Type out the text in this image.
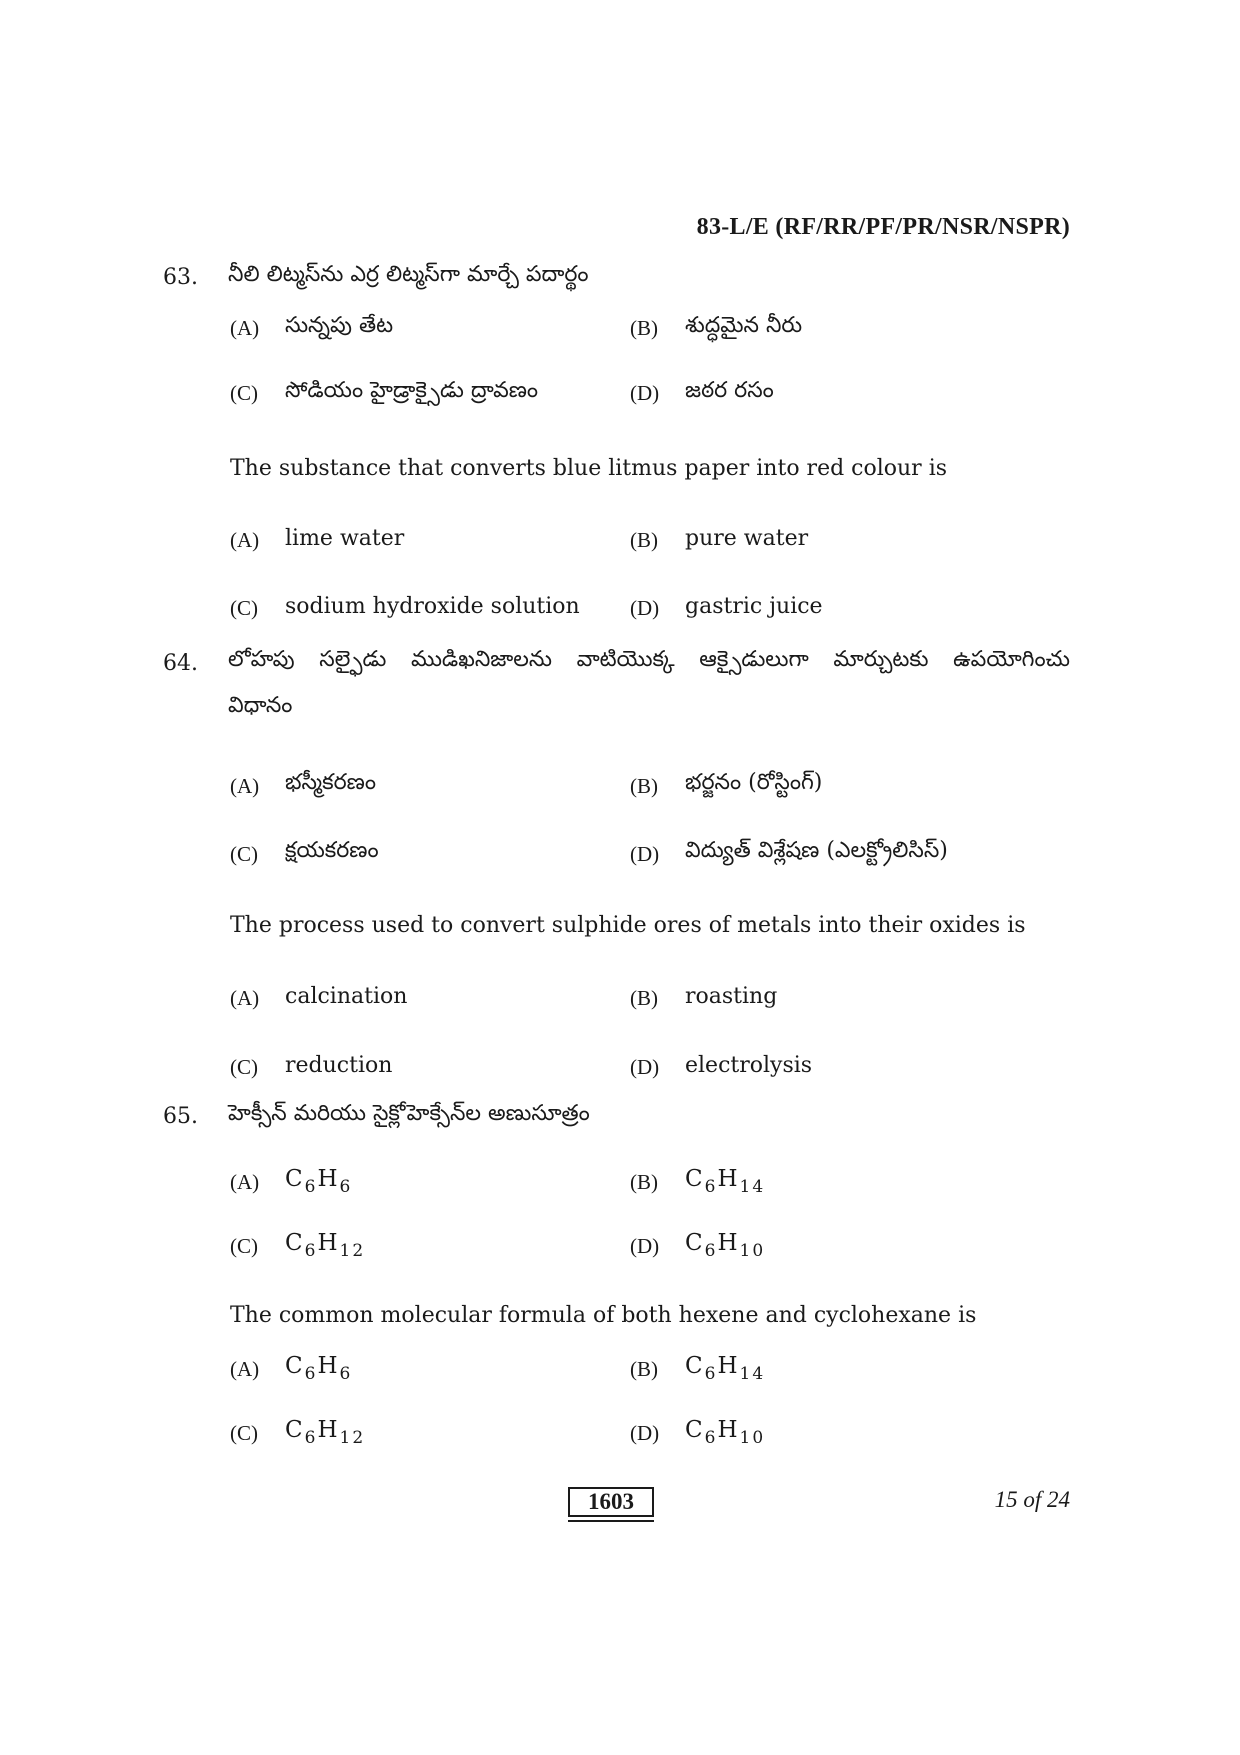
83-L/E (RF/RR/PF/PR/NSR/NSPR)
63. నీలి లిట్మస్‌ను ఎర్ర లిట్మస్‌గా మార్చే పదార్థం
(A) సున్నపు తేట	(B) శుద్ధమైన నీరు
(C) సోడియం హైడ్రాక్సైడు ద్రావణం	(D) జఠర రసం
The substance that converts blue litmus paper into red colour is
(A) lime water	(B) pure water
(C) sodium hydroxide solution (D) gastric juice
64. లోహపు సల్ఫైడు ముడిఖనిజాలను వాటియొక్క ఆక్సైడులుగా మార్చుటకు ఉపయోగించు
విధానం
(A) భస్మీకరణం	(B) భర్జనం (రోస్టింగ్)
(C) క్షయకరణం	(D) విద్యుత్ విశ్లేషణ (ఎలక్ట్రోలిసిస్)
The process used to convert sulphide ores of metals into their oxides is
(A) calcination	(B) roasting
(C) reduction	(D) electrolysis
65. హెక్సీన్ మరియు సైక్లోహెక్సేన్‌ల అణుసూత్రం
(A) $C_6H_6$	(B) $C_6H_{14}$
(C) $C_6H_{12}$	(D) $C_6H_{10}$
The common molecular formula of both hexene and cyclohexane is
(A) $C_6H_6$	(B) $C_6H_{14}$
(C) $C_6H_{12}$	(D) $C_6H_{10}$
1603	15 of 24
